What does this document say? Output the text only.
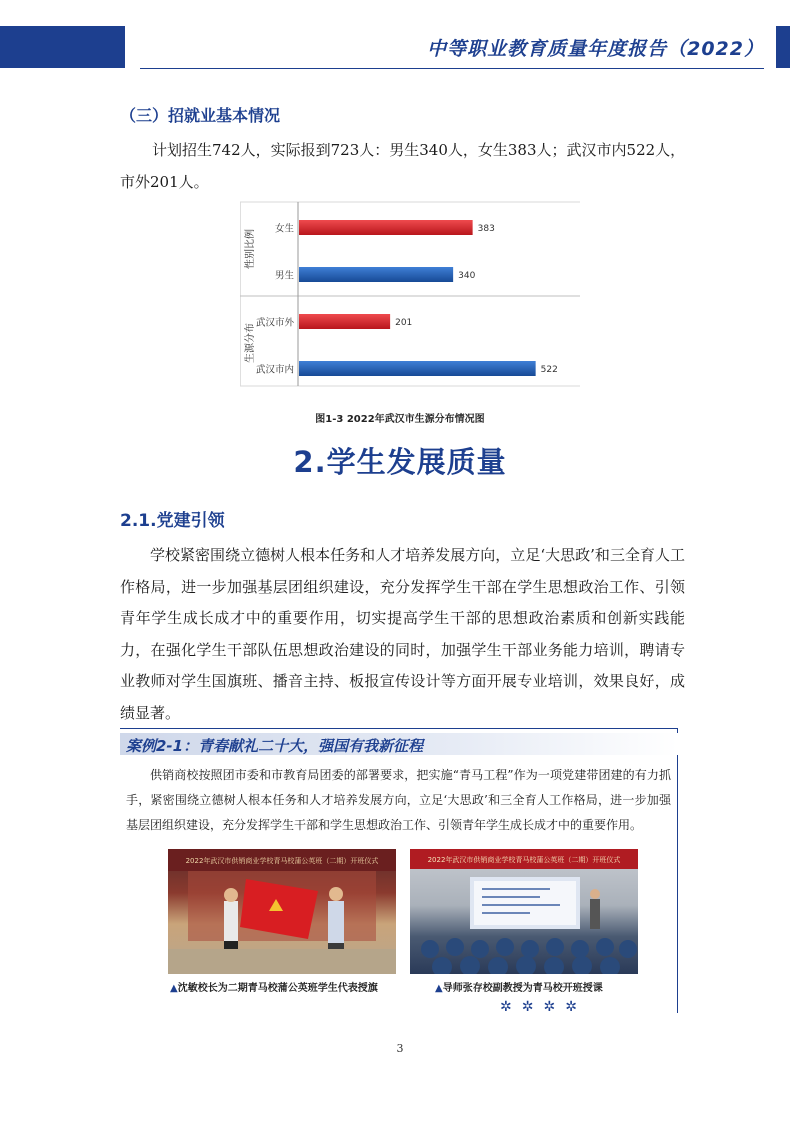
中等职业教育质量年度报告（2022）
（三）招就业基本情况
计划招生742人，实际报到723人：男生340人，女生383人；武汉市内522人，市外201人。
性别比例
生源分布
女生	383
男生	340
武汉市外	201
武汉市内	522
图1-3 2022年武汉市生源分布情况图
2.学生发展质量
2.1.党建引领
学校紧密围绕立德树人根本任务和人才培养发展方向，立足‘大思政’和三全育人工作格局，进一步加强基层团组织建设，充分发挥学生干部在学生思想政治工作、引领青年学生成长成才中的重要作用，切实提高学生干部的思想政治素质和创新实践能力，在强化学生干部队伍思想政治建设的同时，加强学生干部业务能力培训，聘请专业教师对学生国旗班、播音主持、板报宣传设计等方面开展专业培训，效果良好，成绩显著。
案例2-1：青春献礼二十大，强国有我新征程
供销商校按照团市委和市教育局团委的部署要求，把实施“青马工程”作为一项党建带团建的有力抓手，紧密围绕立德树人根本任务和人才培养发展方向，立足‘大思政’和三全育人工作格局，进一步加强基层团组织建设，充分发挥学生干部和学生思想政治工作、引领青年学生成长成才中的重要作用。
2022年武汉市供销商业学校青马校蒲公英班（二期）开班仪式	2022年武汉市供销商业学校青马校蒲公英班（二期）开班仪式
▲沈敏校长为二期青马校蒲公英班学生代表授旗	▲导师张存校副教授为青马校开班授课
✲✲✲✲
3
